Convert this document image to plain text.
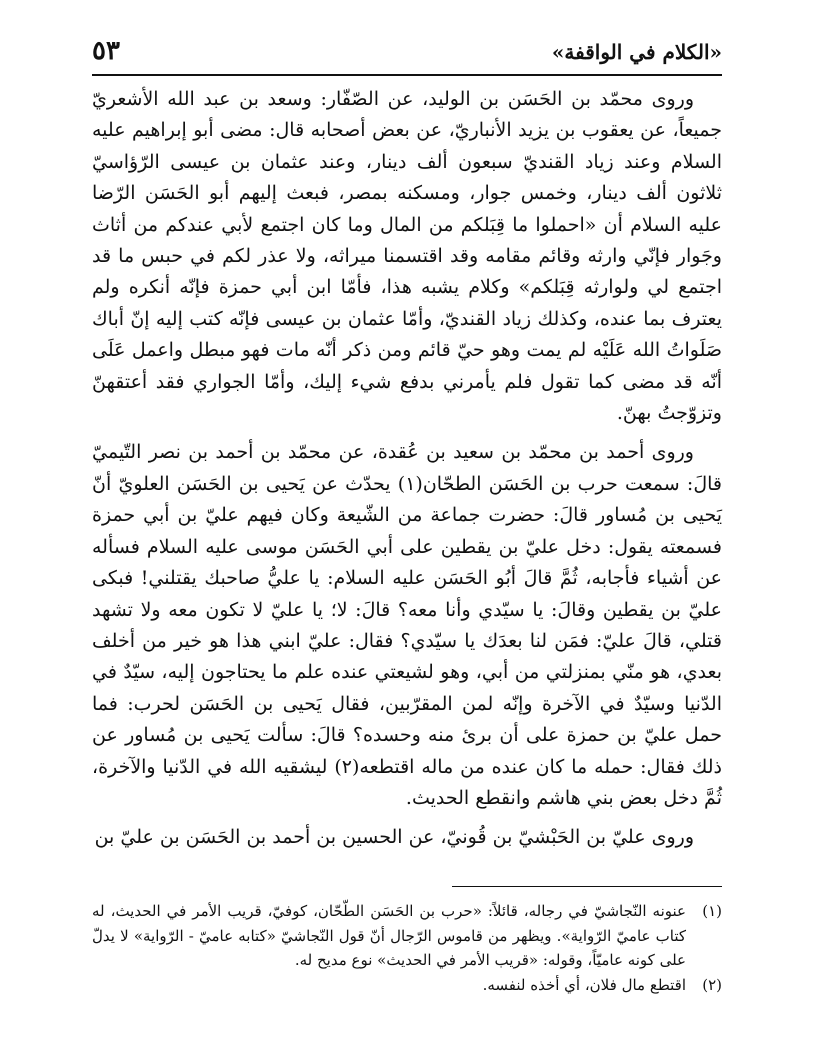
٥٣	«الكلام في الواقفة»

وروى محمّد بن الحَسَن بن الوليد، عن الصّفّار: وسعد بن عبد الله الأشعريّ جميعاً، عن يعقوب بن يزيد الأنباريّ، عن بعض أصحابه قال: مضى أبو إبراهيم عليه السلام وعند زياد القنديّ سبعون ألف دينار، وعند عثمان بن عيسى الرّؤاسيّ ثلاثون ألف دينار، وخمس جوار، ومسكنه بمصر، فبعث إليهم أبو الحَسَن الرّضا عليه السلام أن «احملوا ما قِبَلكم من المال وما كان اجتمع لأبي عندكم من أثاث وجَوار فإنّي وارثه وقائم مقامه وقد اقتسمنا ميراثه، ولا عذر لكم في حبس ما قد اجتمع لي ولوارثه قِبَلكم» وكلام يشبه هذا، فأمّا ابن أبي حمزة فإنّه أنكره ولم يعترف بما عنده، وكذلك زياد القنديّ، وأمّا عثمان بن عيسى فإنّه كتب إليه إنّ أباك صَلَواتُ الله عَلَيْه لم يمت وهو حيّ قائم ومن ذكر أنّه مات فهو مبطل واعمل عَلَى أنّه قد مضى كما تقول فلم يأمرني بدفع شيء إليك، وأمّا الجواري فقد أعتقهنّ وتزوّجتُ بهنّ.

وروى أحمد بن محمّد بن سعيد بن عُقدة، عن محمّد بن أحمد بن نصر التّيميّ قالَ: سمعت حرب بن الحَسَن الطحّان(١) يحدّث عن يَحيى بن الحَسَن العلويّ أنّ يَحيى بن مُساور قالَ: حضرت جماعة من الشّيعة وكان فيهم عليّ بن أبي حمزة فسمعته يقول: دخل عليّ بن يقطين على أبي الحَسَن موسى عليه السلام فسأله عن أشياء فأجابه، ثُمَّ قالَ أبُو الحَسَن عليه السلام: يا عليُّ صاحبك يقتلني! فبكى عليّ بن يقطين وقالَ: يا سيّدي وأنا معه؟ قالَ: لا؛ يا عليّ لا تكون معه ولا تشهد قتلي، قالَ عليّ: فمَن لنا بعدَك يا سيّدي؟ فقال: عليّ ابني هذا هو خير من أخلف بعدي، هو منّي بمنزلتي من أبي، وهو لشيعتي عنده علم ما يحتاجون إليه، سيّدٌ في الدّنيا وسيّدٌ في الآخرة وإنّه لمن المقرّبين، فقال يَحيى بن الحَسَن لحرب: فما حمل عليّ بن حمزة على أن برئ منه وحسده؟ قالَ: سألت يَحيى بن مُساور عن ذلك فقال: حمله ما كان عنده من ماله اقتطعه(٢) ليشقيه الله في الدّنيا والآخرة، ثُمَّ دخل بعض بني هاشم وانقطع الحديث.

وروى عليّ بن الحَبْشيّ بن قُونيّ، عن الحسين بن أحمد بن الحَسَن بن عليّ بن

(١)
عنونه النّجاشيّ في رجاله، قائلاً: «حرب بن الحَسَن الطّحّان، كوفيّ، قريب الأمر في الحديث، له كتاب عاميّ الرّواية». ويظهر من قاموس الرّجال أنّ قول النّجاشيّ «كتابه عاميّ - الرّواية» لا يدلّ على كونه عاميّاً، وقوله: «قريب الأمر في الحديث» نوع مديح له.
(٢)
اقتطع مال فلان، أي أخذه لنفسه.
